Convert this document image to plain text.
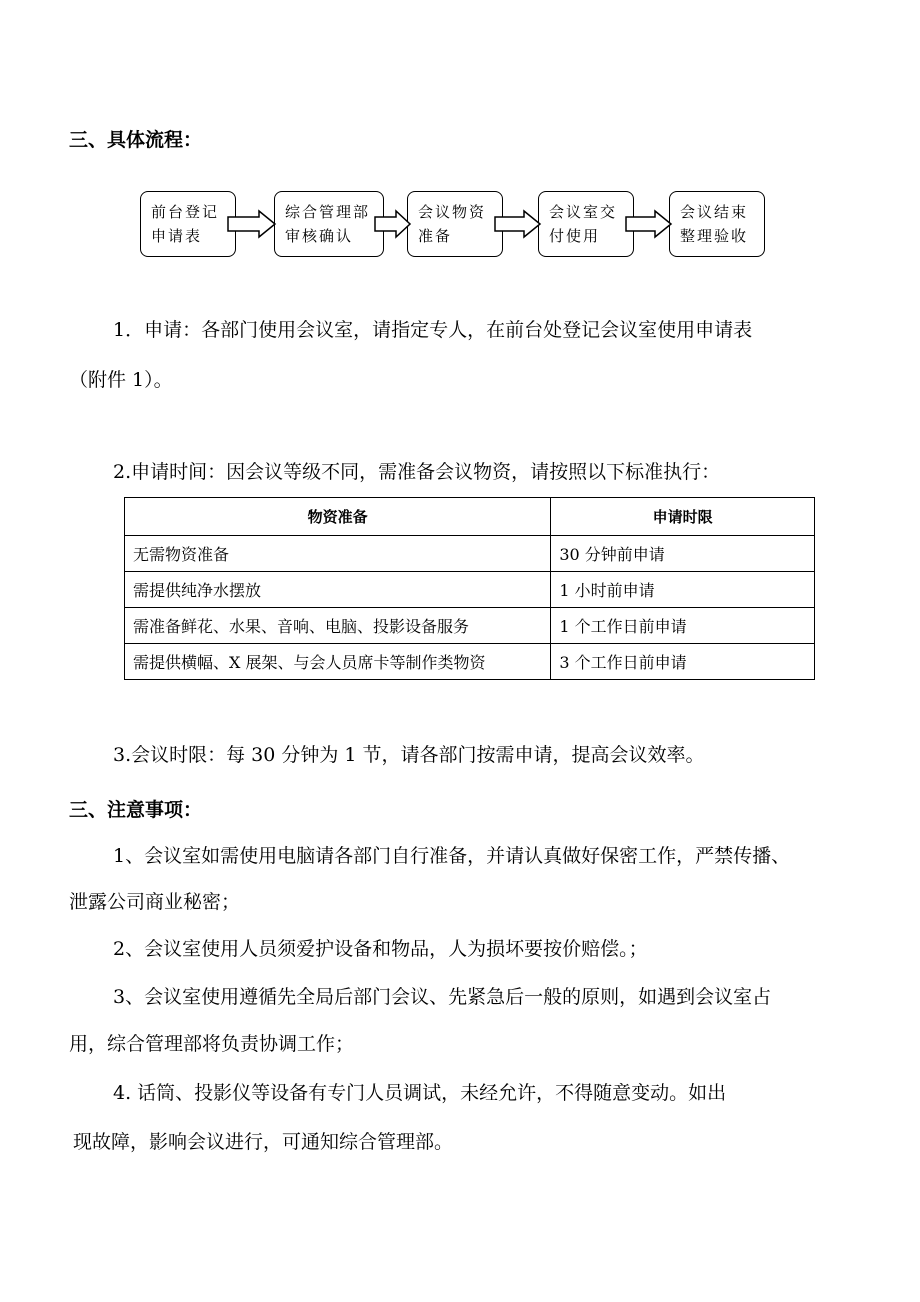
三、具体流程：
前台登记
申请表
综合管理部
审核确认
会议物资
准备
会议室交
付使用
会议结束
整理验收
1．申请：各部门使用会议室，请指定专人，在前台处登记会议室使用申请表
（附件 1）。
2.申请时间：因会议等级不同，需准备会议物资，请按照以下标准执行：
物资准备	申请时限
无需物资准备	30 分钟前申请
需提供纯净水摆放	1 小时前申请
需准备鲜花、水果、音响、电脑、投影设备服务	1 个工作日前申请
需提供横幅、X 展架、与会人员席卡等制作类物资	3 个工作日前申请
3.会议时限：每 30 分钟为 1 节，请各部门按需申请，提高会议效率。
三、注意事项：
1、会议室如需使用电脑请各部门自行准备，并请认真做好保密工作，严禁传播、
泄露公司商业秘密；
2、会议室使用人员须爱护设备和物品，人为损坏要按价赔偿。；
3、会议室使用遵循先全局后部门会议、先紧急后一般的原则，如遇到会议室占
用，综合管理部将负责协调工作；
4. 话筒、投影仪等设备有专门人员调试，未经允许，不得随意变动。如出
现故障，影响会议进行，可通知综合管理部。
